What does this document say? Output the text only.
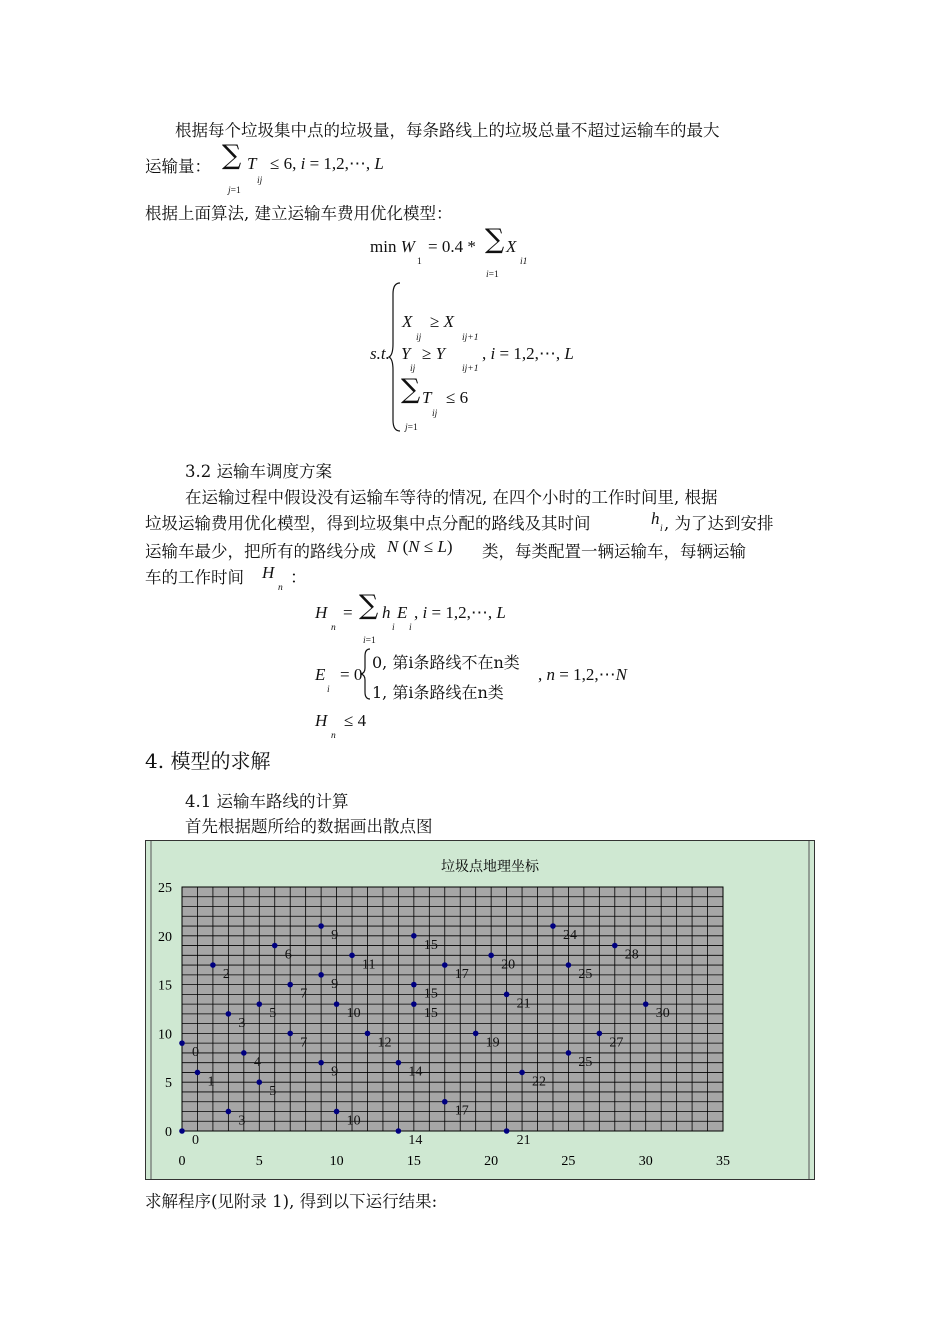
根据每个垃圾集中点的垃圾量，每条路线上的垃圾总量不超过运输车的最大
运输量： ∑ T
ij
≤ 6, i = 1,2,⋯, L
j=1
根据上面算法, 建立运输车费用优化模型：
min W
1
= 0.4 * ∑ X
i1
i=1
s.t.
X
ij
≥ X
ij+1
Y
ij
≥ Y
ij+1
, i = 1,2,⋯, L
∑ T
ij
≤ 6
j=1
3.2 运输车调度方案
在运输过程中假设没有运输车等待的情况, 在四个小时的工作时间里, 根据
垃圾运输费用优化模型，得到垃圾集中点分配的路线及其时间	h
i , 为了达到安排
运输车最少，把所有的路线分成 N (N ≤ L) 类，每类配置一辆运输车，每辆运输
车的工作时间 H
n
：
H
n
= ∑ h
i
E
i
, i = 1,2,⋯, L
i=1
E
i
= 0
0, 第i条路线不在n类
1, 第i条路线在n类
, n = 1,2,⋯N
H
n
≤ 4
4. 模型的求解
4.1 运输车路线的计算
首先根据题所给的数据画出散点图
垃圾点地理坐标
0	5	10	15	20	25	30	35
0
5
10
15
20
25
0
0
1
2
3
3
4
5
5
6
7
7
9
9
9
10
10
11
12
14
14
15
15
15
17
17
19
20
21
21
22
24
25
25
27
28
30
求解程序(见附录 1), 得到以下运行结果:
